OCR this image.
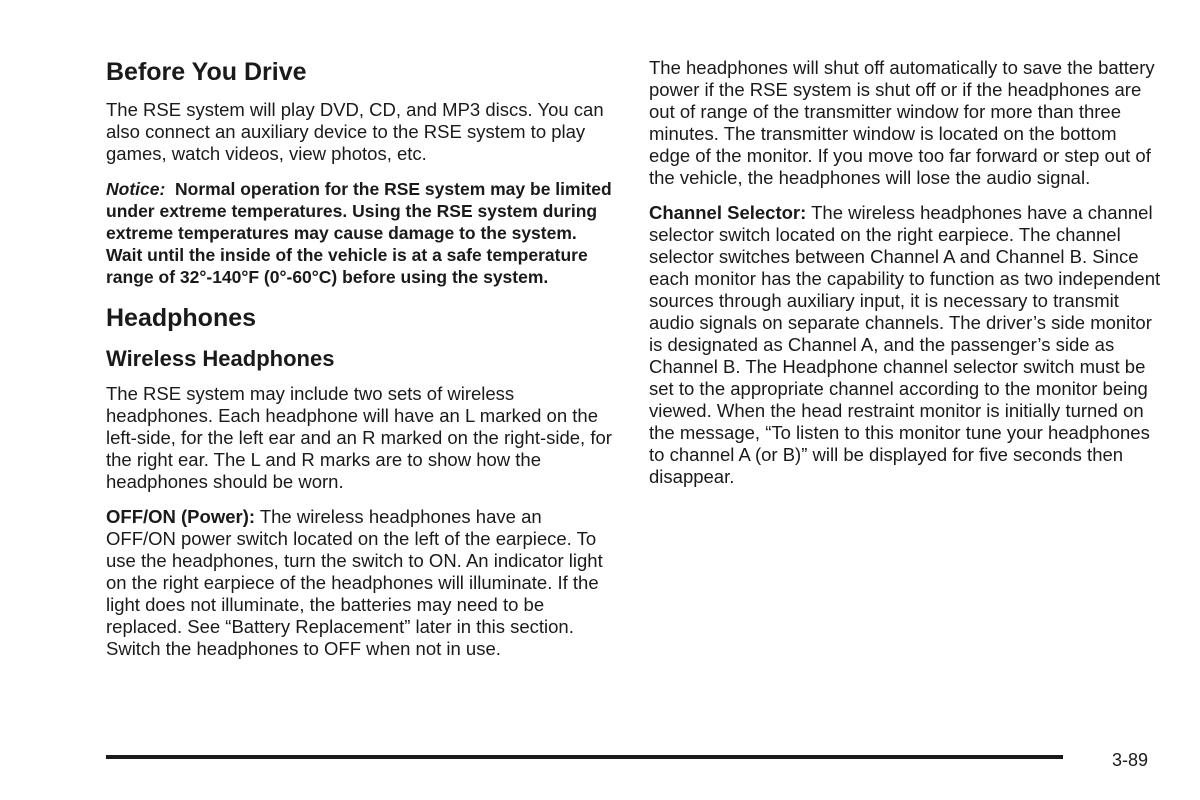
Before You Drive

The RSE system will play DVD, CD, and MP3 discs. You can also connect an auxiliary device to the RSE system to play games, watch videos, view photos, etc.

Notice: Normal operation for the RSE system may be limited under extreme temperatures. Using the RSE system during extreme temperatures may cause damage to the system. Wait until the inside of the vehicle is at a safe temperature range of 32°-140°F (0°-60°C) before using the system.

Headphones
Wireless Headphones

The RSE system may include two sets of wireless headphones. Each headphone will have an L marked on the left-side, for the left ear and an R marked on the right-side, for the right ear. The L and R marks are to show how the headphones should be worn.

OFF/ON (Power): The wireless headphones have an OFF/ON power switch located on the left of the earpiece. To use the headphones, turn the switch to ON. An indicator light on the right earpiece of the headphones will illuminate. If the light does not illuminate, the batteries may need to be replaced. See “Battery Replacement” later in this section. Switch the headphones to OFF when not in use.

The headphones will shut off automatically to save the battery power if the RSE system is shut off or if the headphones are out of range of the transmitter window for more than three minutes. The transmitter window is located on the bottom edge of the monitor. If you move too far forward or step out of the vehicle, the headphones will lose the audio signal.

Channel Selector: The wireless headphones have a channel selector switch located on the right earpiece. The channel selector switches between Channel A and Channel B. Since each monitor has the capability to function as two independent sources through auxiliary input, it is necessary to transmit audio signals on separate channels. The driver’s side monitor is designated as Channel A, and the passenger’s side as Channel B. The Headphone channel selector switch must be set to the appropriate channel according to the monitor being viewed. When the head restraint monitor is initially turned on the message, “To listen to this monitor tune your headphones to channel A (or B)” will be displayed for five seconds then disappear.

3-89
